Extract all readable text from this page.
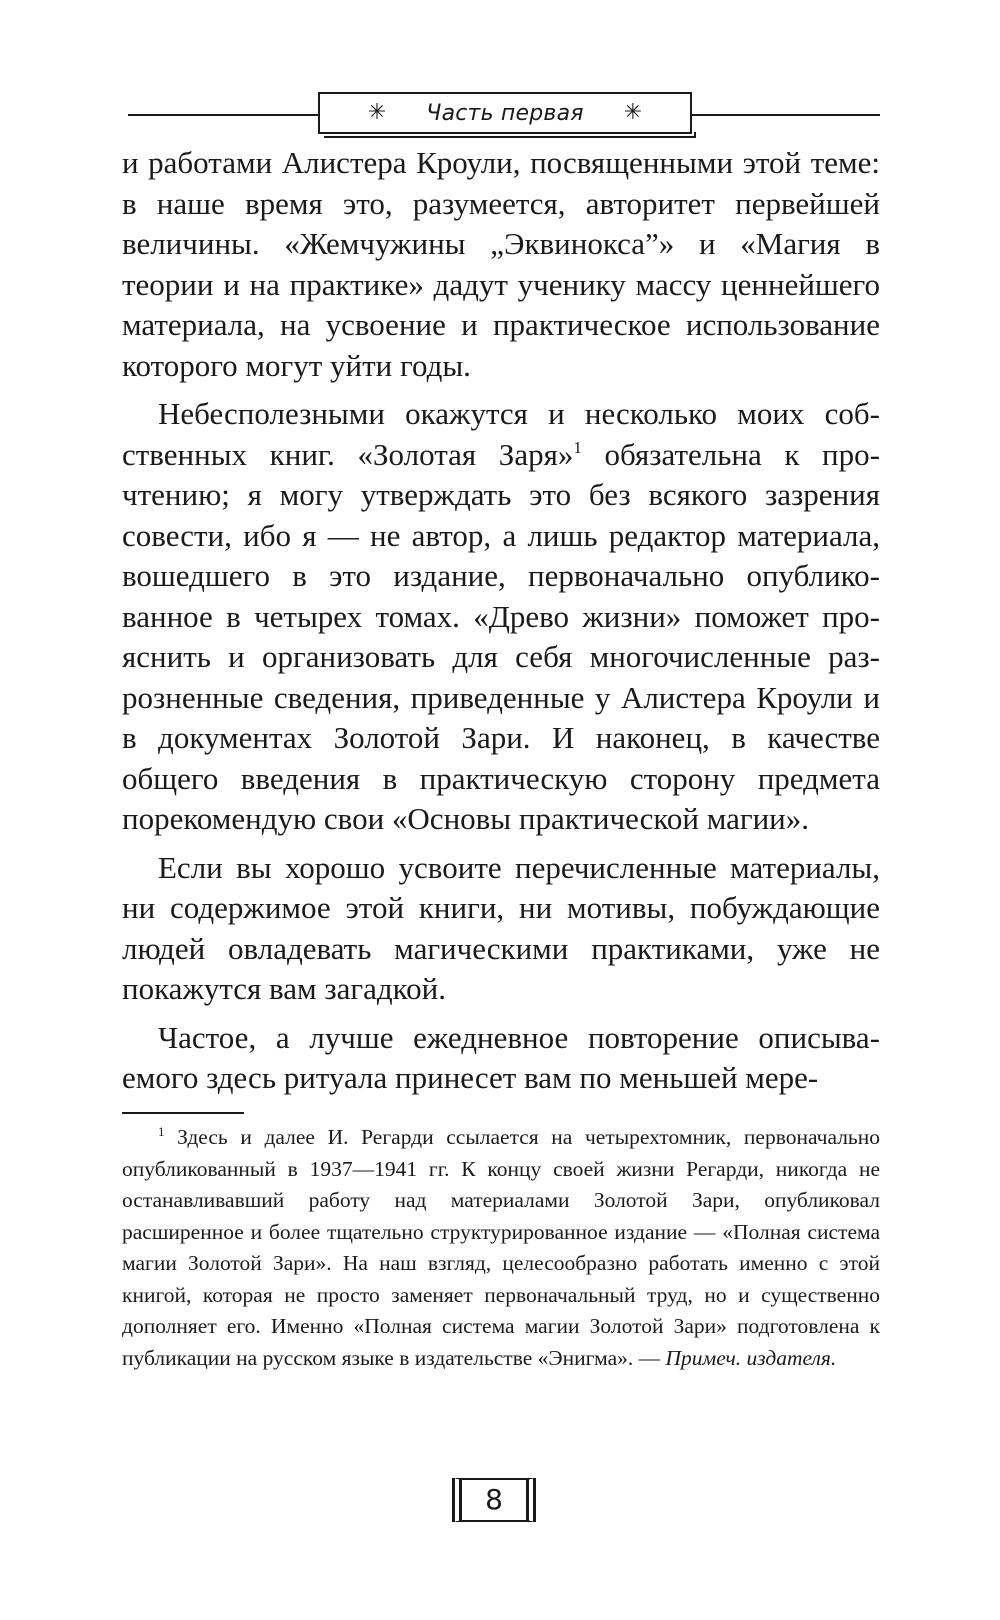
✳ Часть первая ✳

и работами Алистера Кроули, посвященными этой теме: в наше время это, разумеется, авторитет первейшей величины. «Жемчужины „Эквинокса”» и «Магия в теории и на практике» дадут ученику массу ценнейшего материала, на усвоение и практическое использование которого могут уйти годы.

Небесполезными окажутся и несколько моих собственных книг. «Золотая Заря»$^1$ обязательна к прочтению; я могу утверждать это без всякого зазрения совести, ибо я — не автор, а лишь редактор материала, вошедшего в это издание, первоначально опубликованное в четырех томах. «Древо жизни» поможет прояснить и организовать для себя многочисленные разрозненные сведения, приведенные у Алистера Кроули и в документах Золотой Зари. И наконец, в качестве общего введения в практическую сторону предмета порекомендую свои «Основы практической магии».

Если вы хорошо усвоите перечисленные материалы, ни содержимое этой книги, ни мотивы, побуждающие людей овладевать магическими практиками, уже не покажутся вам загадкой.

Частое, а лучше ежедневное повторение описываемого здесь ритуала принесет вам по меньшей мере-

$^1$ Здесь и далее И. Регарди ссылается на четырехтомник, первоначально опубликованный в 1937—1941 гг. К концу своей жизни Регарди, никогда не останавливавший работу над материалами Золотой Зари, опубликовал расширенное и более тщательно структурированное издание — «Полная система магии Золотой Зари». На наш взгляд, целесообразно работать именно с этой книгой, которая не просто заменяет первоначальный труд, но и существенно дополняет его. Именно «Полная система магии Золотой Зари» подготовлена к публикации на русском языке в издательстве «Энигма». — Примеч. издателя.

8
